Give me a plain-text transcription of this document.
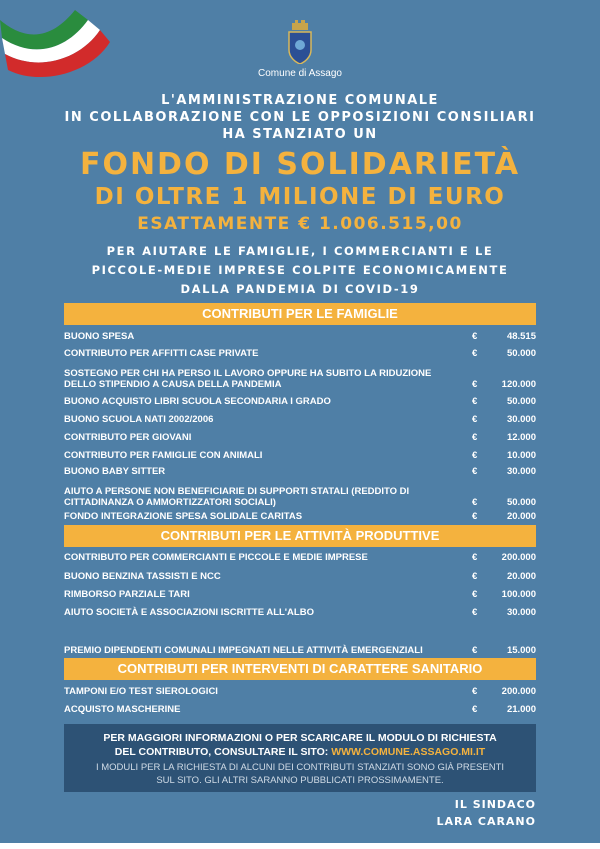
Comune di Assago
L'AMMINISTRAZIONE COMUNALE
IN COLLABORAZIONE CON LE OPPOSIZIONI CONSILIARI
HA STANZIATO UN
FONDO DI SOLIDARIETÀ
DI OLTRE 1 MILIONE DI EURO
ESATTAMENTE € 1.006.515,00
PER AIUTARE LE FAMIGLIE, I COMMERCIANTI E LE
PICCOLE-MEDIE IMPRESE COLPITE ECONOMICAMENTE
DALLA PANDEMIA DI COVID-19
CONTRIBUTI PER LE FAMIGLIE
BUONO SPESA	€	48.515
CONTRIBUTO PER AFFITTI CASE PRIVATE	€	50.000
SOSTEGNO PER CHI HA PERSO IL LAVORO OPPURE HA SUBITO LA RIDUZIONE DELLO STIPENDIO A CAUSA DELLA PANDEMIA	€	120.000
BUONO ACQUISTO LIBRI SCUOLA SECONDARIA I GRADO	€	50.000
BUONO SCUOLA NATI 2002/2006	€	30.000
CONTRIBUTO PER GIOVANI	€	12.000
CONTRIBUTO PER FAMIGLIE CON ANIMALI	€	10.000
BUONO BABY SITTER	€	30.000
AIUTO A PERSONE NON BENEFICIARIE DI SUPPORTI STATALI (REDDITO DI CITTADINANZA O AMMORTIZZATORI SOCIALI)	€	50.000
FONDO INTEGRAZIONE SPESA SOLIDALE CARITAS	€	20.000
CONTRIBUTI PER LE ATTIVITÀ PRODUTTIVE
CONTRIBUTO PER COMMERCIANTI E PICCOLE E MEDIE IMPRESE	€	200.000
BUONO BENZINA TASSISTI E NCC	€	20.000
RIMBORSO PARZIALE TARI	€	100.000
AIUTO SOCIETÀ E ASSOCIAZIONI ISCRITTE ALL'ALBO	€	30.000
PREMIO DIPENDENTI COMUNALI IMPEGNATI NELLE ATTIVITÀ EMERGENZIALI	€	15.000
CONTRIBUTI PER INTERVENTI DI CARATTERE SANITARIO
TAMPONI E/O TEST SIEROLOGICI	€	200.000
ACQUISTO MASCHERINE	€	21.000
PER MAGGIORI INFORMAZIONI O PER SCARICARE IL MODULO DI RICHIESTA
DEL CONTRIBUTO, CONSULTARE IL SITO: WWW.COMUNE.ASSAGO.MI.IT
I MODULI PER LA RICHIESTA DI ALCUNI DEI CONTRIBUTI STANZIATI SONO GIÀ PRESENTI
SUL SITO. GLI ALTRI SARANNO PUBBLICATI PROSSIMAMENTE.
IL SINDACO
LARA CARANO
